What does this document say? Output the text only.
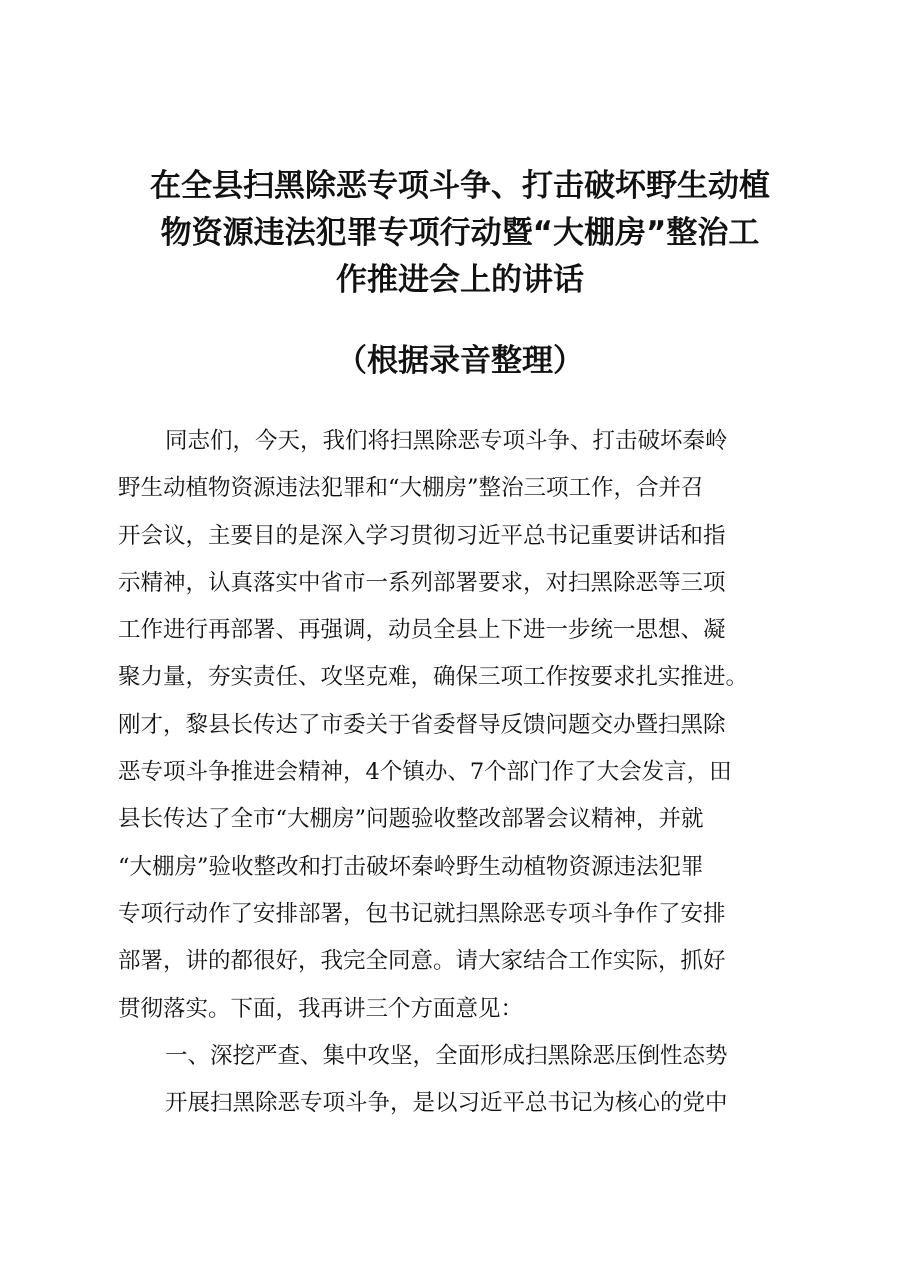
在全县扫黑除恶专项斗争、打击破坏野生动植
物资源违法犯罪专项行动暨“大棚房”整治工
作推进会上的讲话
（根据录音整理）
同志们，今天，我们将扫黑除恶专项斗争、打击破坏秦岭
野生动植物资源违法犯罪和“大棚房”整治三项工作，合并召
开会议，主要目的是深入学习贯彻习近平总书记重要讲话和指
示精神，认真落实中省市一系列部署要求，对扫黑除恶等三项
工作进行再部署、再强调，动员全县上下进一步统一思想、凝
聚力量，夯实责任、攻坚克难，确保三项工作按要求扎实推进。
刚才，黎县长传达了市委关于省委督导反馈问题交办暨扫黑除
恶专项斗争推进会精神，4个镇办、7个部门作了大会发言，田
县长传达了全市“大棚房”问题验收整改部署会议精神，并就
“大棚房”验收整改和打击破坏秦岭野生动植物资源违法犯罪
专项行动作了安排部署，包书记就扫黑除恶专项斗争作了安排
部署，讲的都很好，我完全同意。请大家结合工作实际，抓好
贯彻落实。下面，我再讲三个方面意见：
一、深挖严查、集中攻坚，全面形成扫黑除恶压倒性态势
开展扫黑除恶专项斗争，是以习近平总书记为核心的党中
